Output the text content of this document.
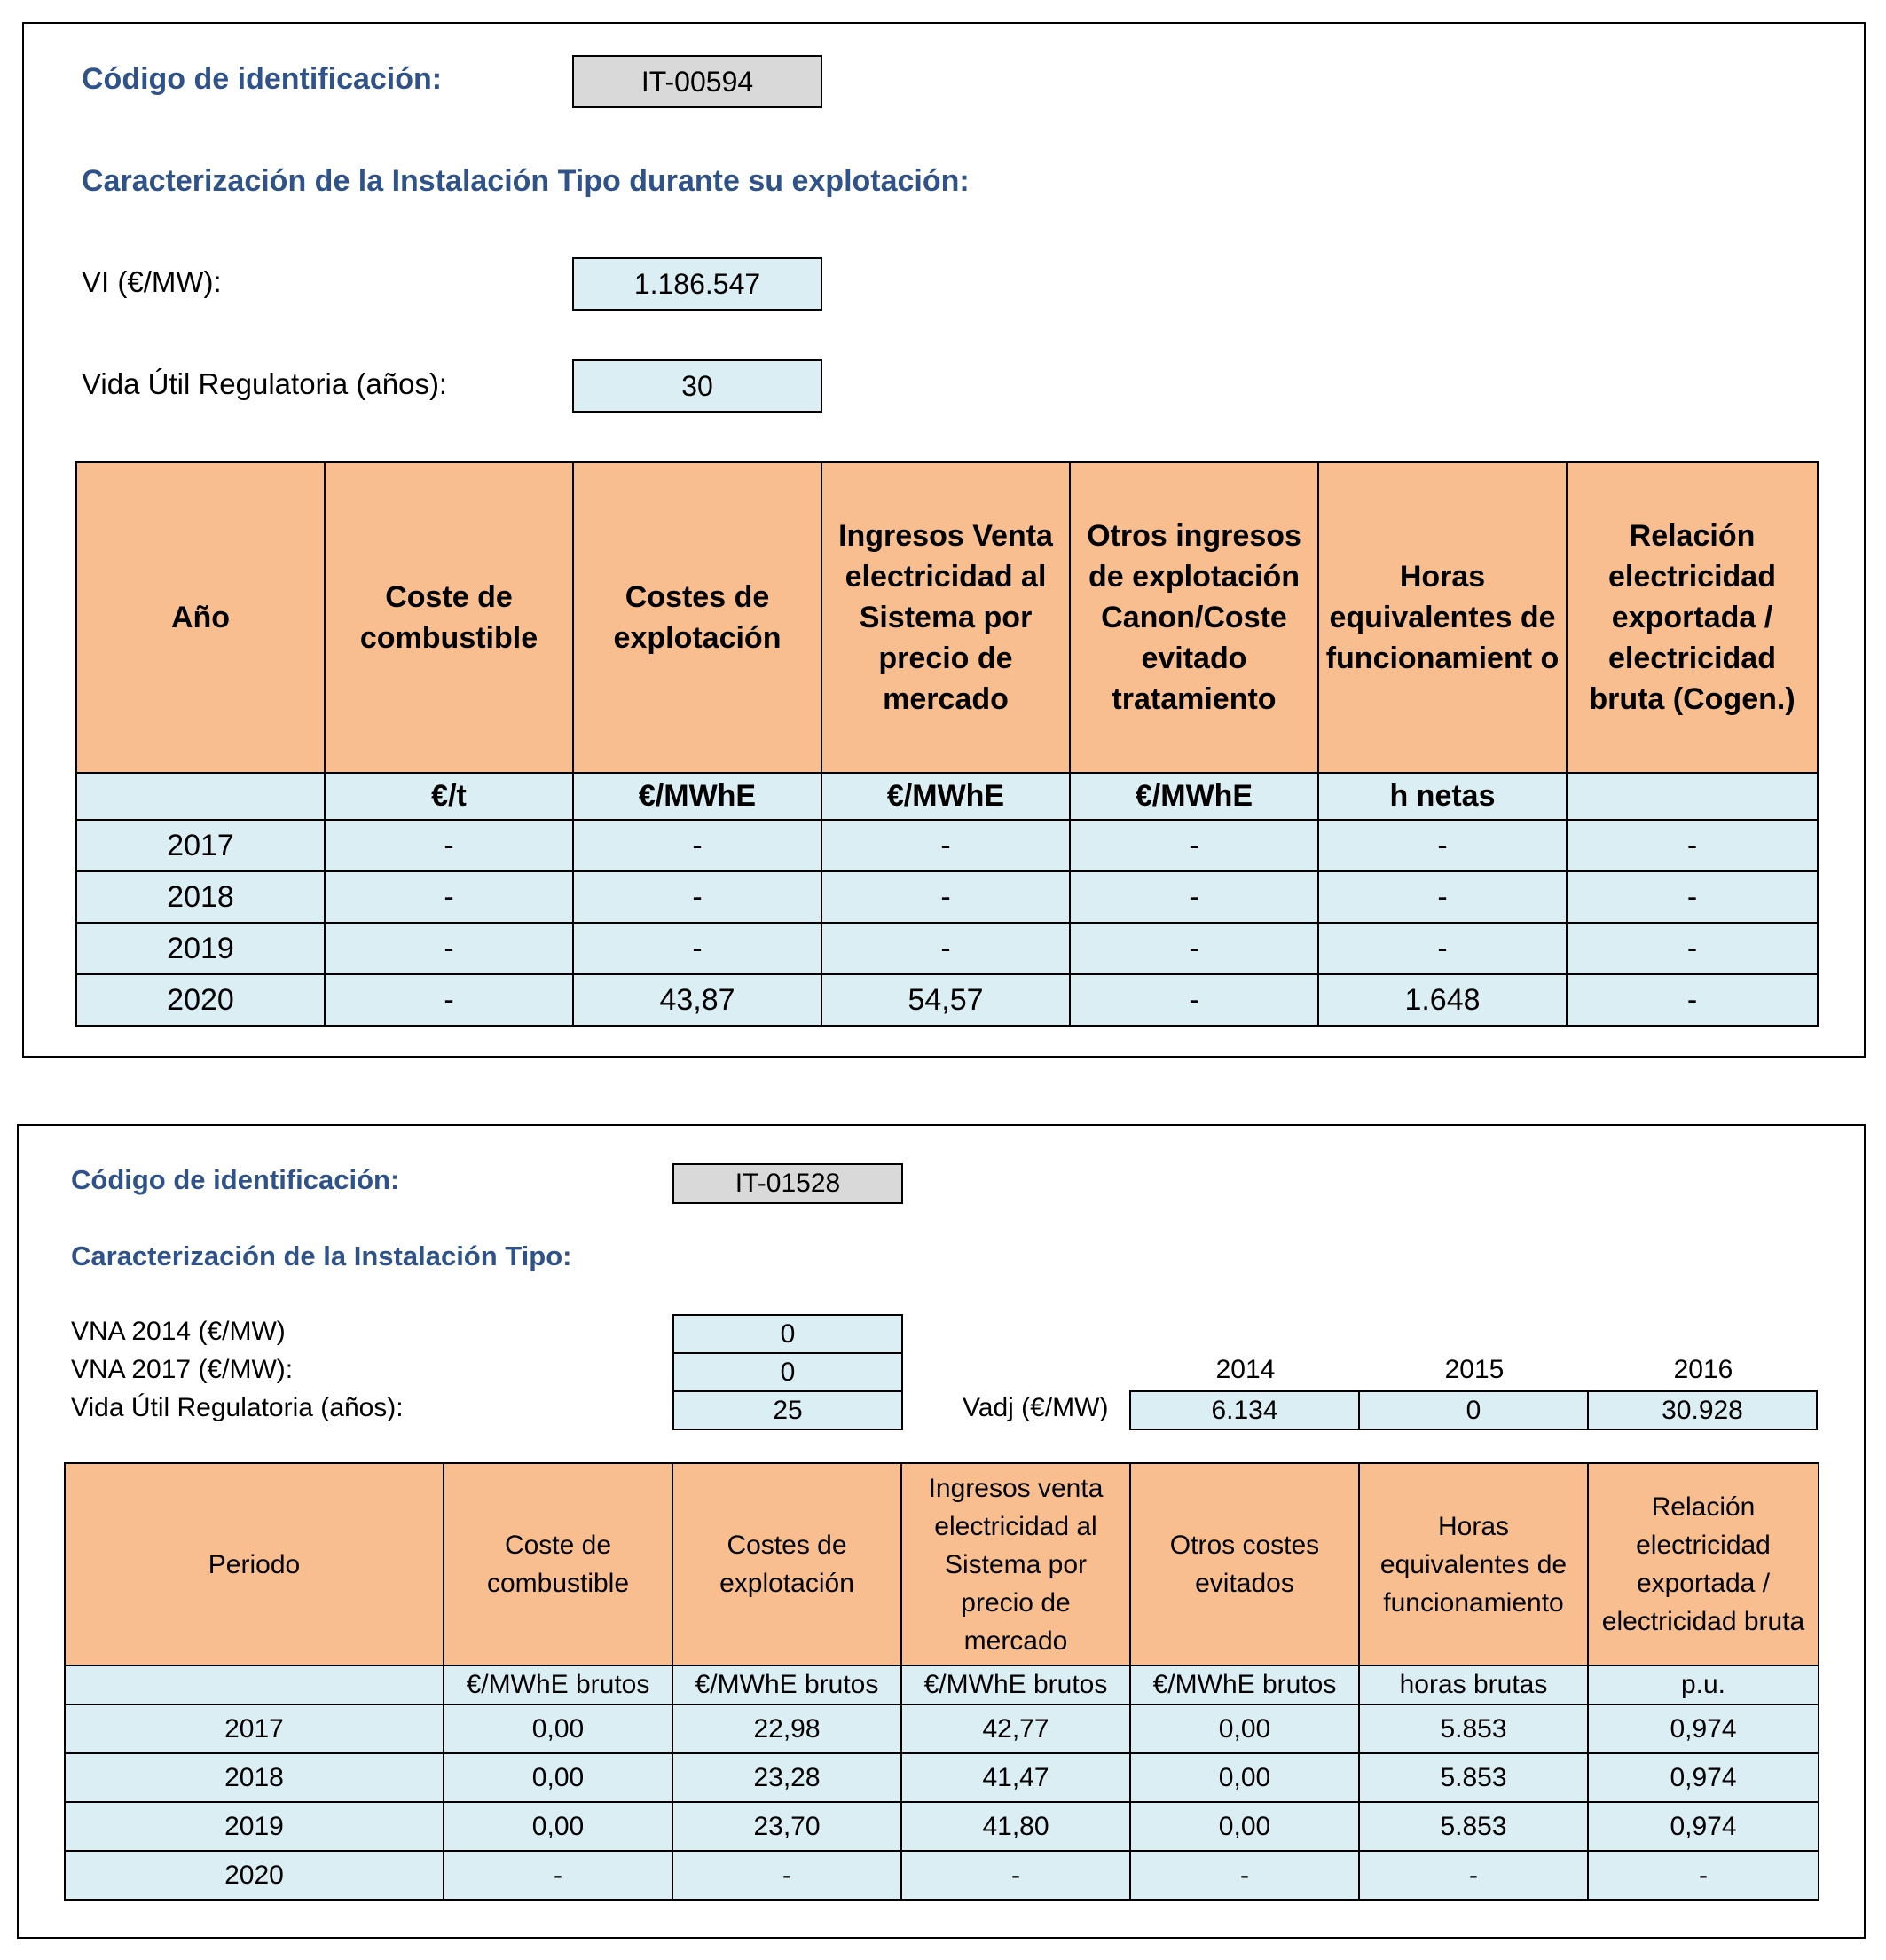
Código de identificación:	IT-00594
Caracterización de la Instalación Tipo durante su explotación:
VI (€/MW):	1.186.547
Vida Útil Regulatoria (años):	30
Año	Coste de combustible	Costes de explotación	Ingresos Venta electricidad al Sistema por precio de mercado	Otros ingresos de explotación Canon/Coste evitado tratamiento	Horas equivalentes de funcionamient o	Relación electricidad exportada / electricidad bruta (Cogen.)
	€/t	€/MWhE	€/MWhE	€/MWhE	h netas	
2017	-	-	-	-	-	-
2018	-	-	-	-	-	-
2019	-	-	-	-	-	-
2020	-	43,87	54,57	-	1.648	-
Código de identificación:	IT-01528
Caracterización de la Instalación Tipo:
VNA 2014 (€/MW)	0
VNA 2017 (€/MW):	0
Vida Útil Regulatoria (años):	25
2014	2015	2016
Vadj (€/MW)	6.134	0	30.928
Periodo	Coste de combustible	Costes de explotación	Ingresos venta electricidad al Sistema por precio de mercado	Otros costes evitados	Horas equivalentes de funcionamiento	Relación electricidad exportada / electricidad bruta
	€/MWhE brutos	€/MWhE brutos	€/MWhE brutos	€/MWhE brutos	horas brutas	p.u.
2017	0,00	22,98	42,77	0,00	5.853	0,974
2018	0,00	23,28	41,47	0,00	5.853	0,974
2019	0,00	23,70	41,80	0,00	5.853	0,974
2020	-	-	-	-	-	-
